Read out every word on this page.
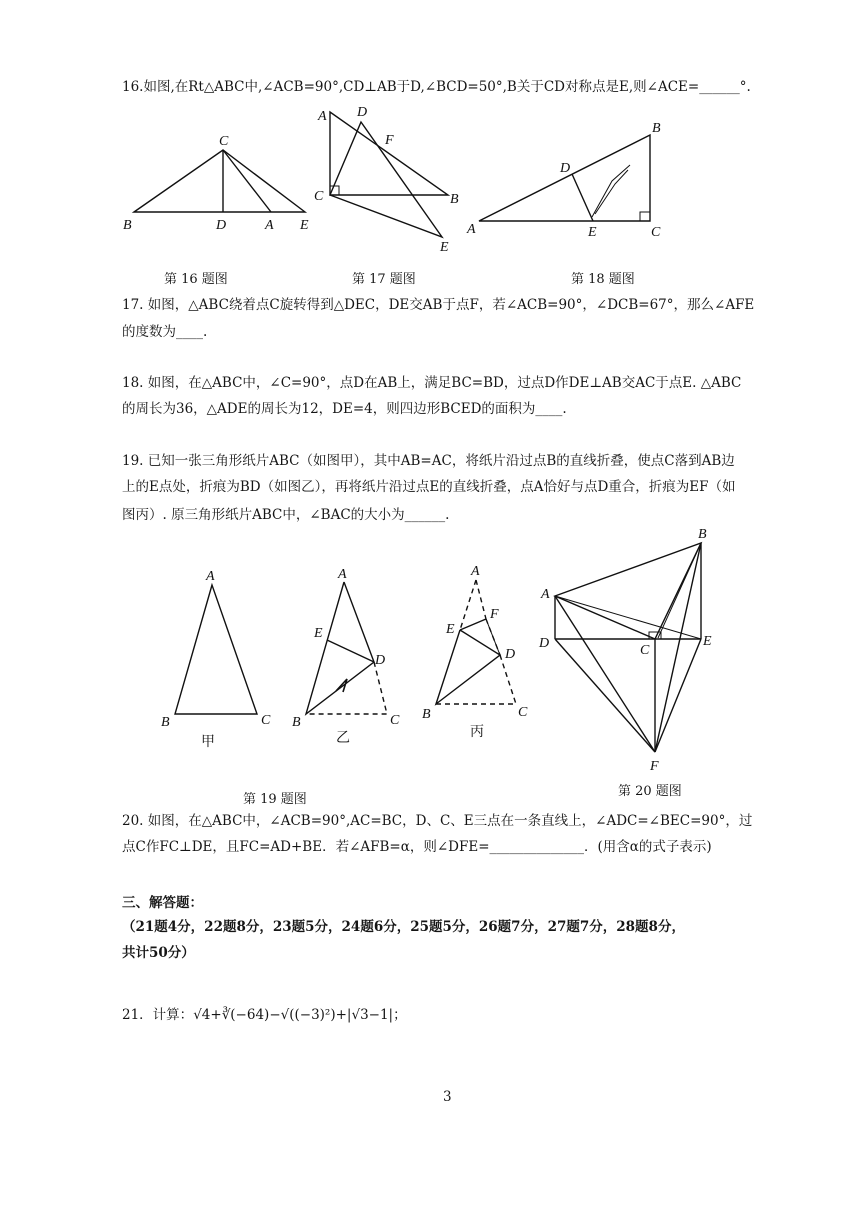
16.如图,在Rt△ABC中,∠ACB=90°,CD⊥AB于D,∠BCD=50°,B关于CD对称点是E,则∠ACE=______°.
C
B	D	A E
第 16 题图
A D
F
C	B
E
第 17 题图
B
D
A	E	C
第 18 题图
17. 如图，△ABC绕着点C旋转得到△DEC，DE交AB于点F，若∠ACB=90°，∠DCB=67°，那么∠AFE
的度数为____.
18. 如图，在△ABC中，∠C=90°，点D在AB上，满足BC=BD，过点D作DE⊥AB交AC于点E. △ABC
的周长为36，△ADE的周长为12，DE=4，则四边形BCED的面积为____.
19. 已知一张三角形纸片ABC（如图甲），其中AB=AC，将纸片沿过点B的直线折叠，使点C落到AB边
上的E点处，折痕为BD（如图乙），再将纸片沿过点E的直线折叠，点A恰好与点D重合，折痕为EF（如
图丙）. 原三角形纸片ABC中，∠BAC的大小为______.
A
B	C
甲
A
E
D
B	C
乙
A
E
F
D
B	C
丙
第 19 题图
A
B
C
D	E
F
第 20 题图
20. 如图，在△ABC中，∠ACB=90°,AC=BC，D、C、E三点在一条直线上，∠ADC=∠BEC=90°，过
点C作FC⊥DE，且FC=AD+BE．若∠AFB=α，则∠DFE=______________．(用含α的式子表示)
三、解答题：
（21题4分，22题8分，23题5分，24题6分，25题5分，26题7分，27题7分，28题8分，
共计50分）
21．计算：√4+∛(−64)−√((−3)²)+|√3−1|；
3
